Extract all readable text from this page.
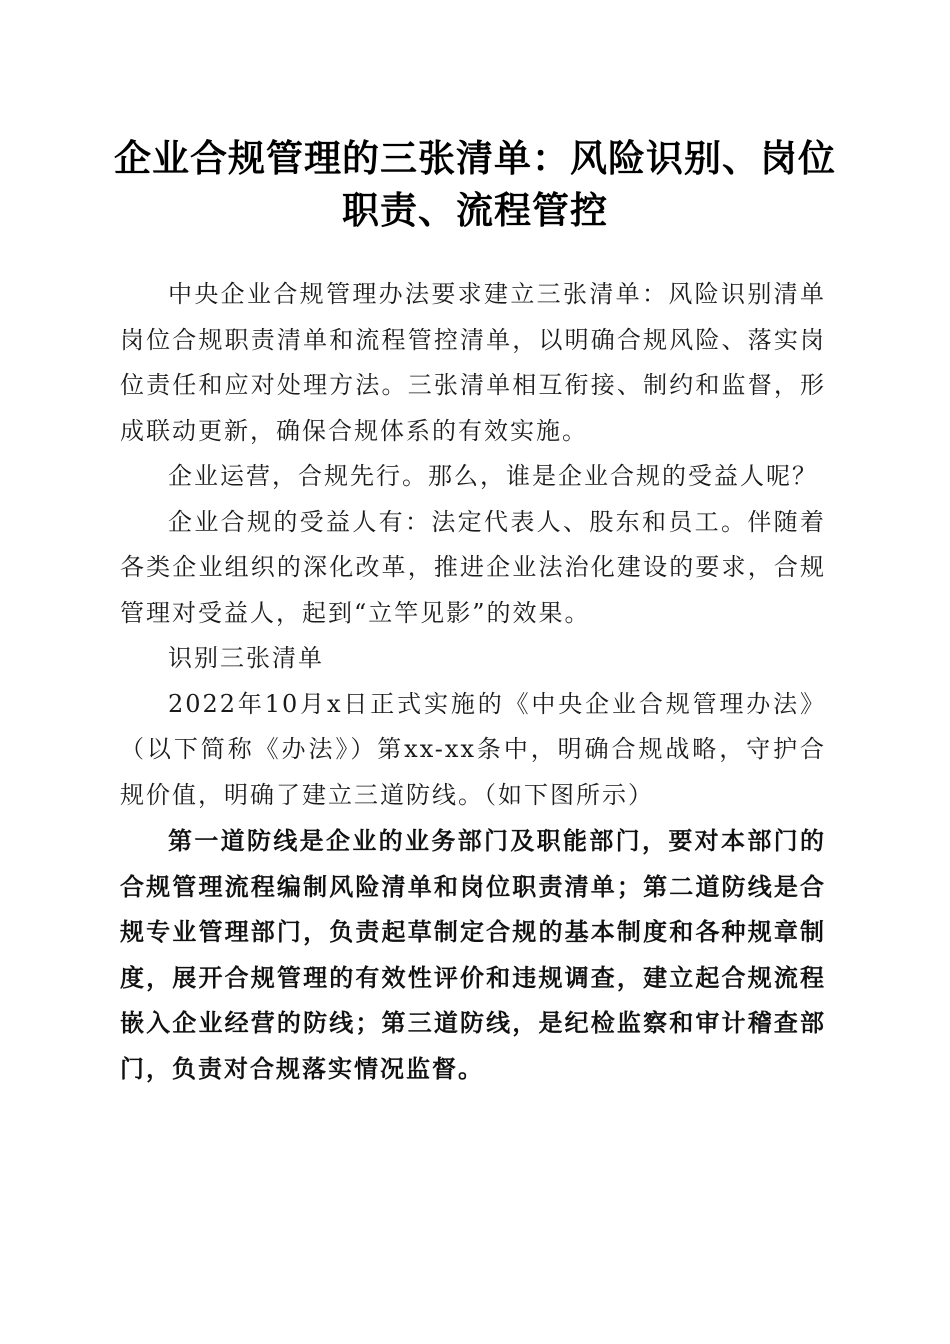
企业合规管理的三张清单：风险识别、岗位职责、流程管控

中央企业合规管理办法要求建立三张清单：风险识别清单岗位合规职责清单和流程管控清单，以明确合规风险、落实岗位责任和应对处理方法。三张清单相互衔接、制约和监督，形成联动更新，确保合规体系的有效实施。

企业运营，合规先行。那么，谁是企业合规的受益人呢？

企业合规的受益人有：法定代表人、股东和员工。伴随着各类企业组织的深化改革，推进企业法治化建设的要求，合规管理对受益人，起到“立竿见影”的效果。

识别三张清单

2022年10月x日正式实施的《中央企业合规管理办法》（以下简称《办法》）第xx-xx条中，明确合规战略，守护合规价值，明确了建立三道防线。（如下图所示）

第一道防线是企业的业务部门及职能部门，要对本部门的合规管理流程编制风险清单和岗位职责清单；第二道防线是合规专业管理部门，负责起草制定合规的基本制度和各种规章制度，展开合规管理的有效性评价和违规调查，建立起合规流程嵌入企业经营的防线；第三道防线，是纪检监察和审计稽查部门，负责对合规落实情况监督。
